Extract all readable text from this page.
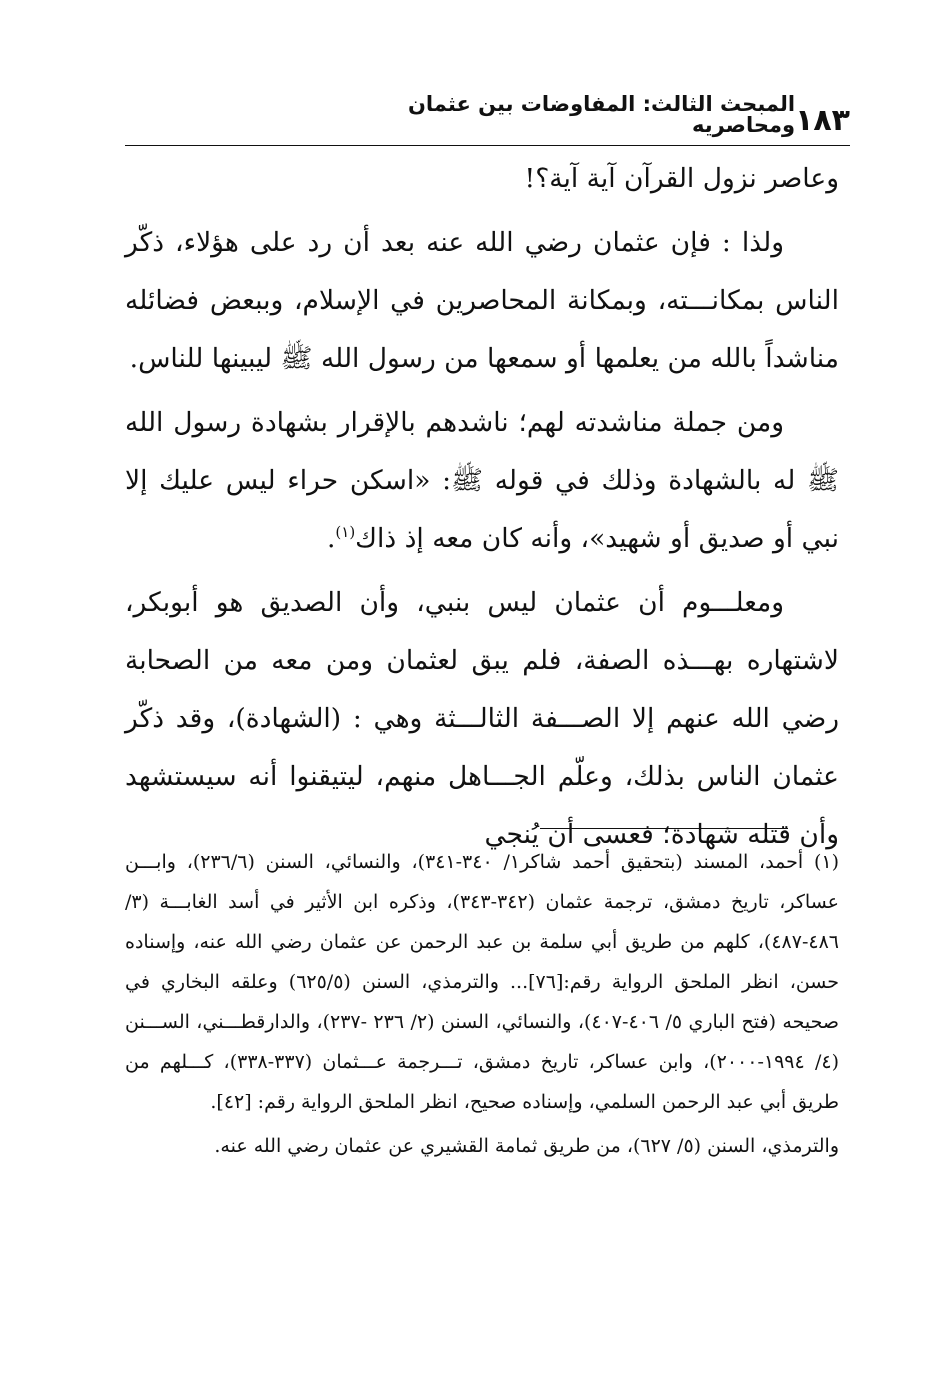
١٨٣
المبحث الثالث: المفاوضات بين عثمان ومحاصريه

وعاصر نزول القرآن آية آية؟!

ولذا : فإن عثمان رضي الله عنه بعد أن رد على هؤلاء، ذكّر الناس بمكانـــته، وبمكانة المحاصرين في الإسلام، وببعض فضائله مناشداً بالله من يعلمها أو سمعها من رسول الله ﷺ ليبينها للناس.

ومن جملة مناشدته لهم؛ ناشدهم بالإقرار بشهادة رسول الله ﷺ له بالشهادة وذلك في قوله ﷺ: «اسكن حراء ليس عليك إلا نبي أو صديق أو شهيد»، وأنه كان معه إذ ذاك$^{(١)}$.

ومعلـــوم أن عثمان ليس بنبي، وأن الصديق هو أبوبكر، لاشتهاره بهـــذه الصفة، فلم يبق لعثمان ومن معه من الصحابة رضي الله عنهم إلا الصـــفة الثالـــثة وهي : (الشهادة)، وقد ذكّر عثمان الناس بذلك، وعلّم الجـــاهل منهم، ليتيقنوا أنه سيستشهد وأن قتله شهادة؛ فعسى أن يُنجي

(١) أحمد، المسند (بتحقيق أحمد شاكر١/ ٣٤٠-٣٤١)، والنسائي، السنن (٢٣٦/٦)، وابـــن عساكر، تاريخ دمشق، ترجمة عثمان (٣٤٢-٣٤٣)، وذكره ابن الأثير في أسد الغابـــة (٣/ ٤٨٦-٤٨٧)، كلهم من طريق أبي سلمة بن عبد الرحمن عن عثمان رضي الله عنه، وإسناده حسن، انظر الملحق الرواية رقم:[٧٦]... والترمذي، السنن (٦٢٥/٥) وعلقه البخاري في صحيحه (فتح الباري ٥/ ٤٠٦-٤٠٧)، والنسائي، السنن (٢/ ٢٣٦ -٢٣٧)، والدارقطـــني، الســـنن (٤/ ١٩٩٤-٢٠٠٠)، وابن عساكر، تاريخ دمشق، تـــرجمة عـــثمان (٣٣٧-٣٣٨)، كـــلهم من طريق أبي عبد الرحمن السلمي، وإسناده صحيح، انظر الملحق الرواية رقم: [٤٢].

والترمذي، السنن (٥/ ٦٢٧)، من طريق ثمامة القشيري عن عثمان رضي الله عنه.
